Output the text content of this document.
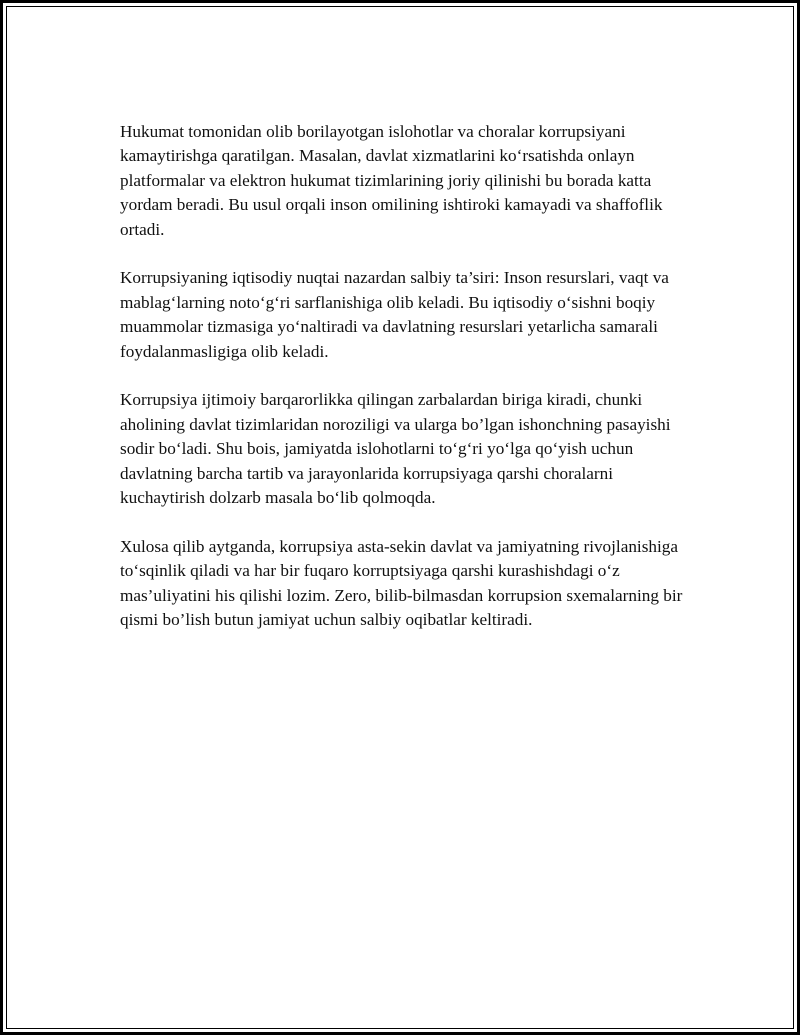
Hukumat tomonidan olib borilayotgan islohotlar va choralar korrupsiyani kamaytirishga qaratilgan. Masalan, davlat xizmatlarini ko‘rsatishda onlayn platformalar va elektron hukumat tizimlarining joriy qilinishi bu borada katta yordam beradi. Bu usul orqali inson omilining ishtiroki kamayadi va shaffoflik ortadi.

Korrupsiyaning iqtisodiy nuqtai nazardan salbiy ta’siri: Inson resurslari, vaqt va mablag‘larning noto‘g‘ri sarflanishiga olib keladi. Bu iqtisodiy o‘sishni boqiy muammolar tizmasiga yo‘naltiradi va davlatning resurslari yetarlicha samarali foydalanmasligiga olib keladi.

Korrupsiya ijtimoiy barqarorlikka qilingan zarbalardan biriga kiradi, chunki aholining davlat tizimlaridan noroziligi va ularga bo’lgan ishonchning pasayishi sodir bo‘ladi. Shu bois, jamiyatda islohotlarni to‘g‘ri yo‘lga qo‘yish uchun davlatning barcha tartib va jarayonlarida korrupsiyaga qarshi choralarni kuchaytirish dolzarb masala bo‘lib qolmoqda.

Xulosa qilib aytganda, korrupsiya asta-sekin davlat va jamiyatning rivojlanishiga to‘sqinlik qiladi va har bir fuqaro korruptsiyaga qarshi kurashishdagi o‘z mas’uliyatini his qilishi lozim. Zero, bilib-bilmasdan korrupsion sxemalarning bir qismi bo’lish butun jamiyat uchun salbiy oqibatlar keltiradi.
